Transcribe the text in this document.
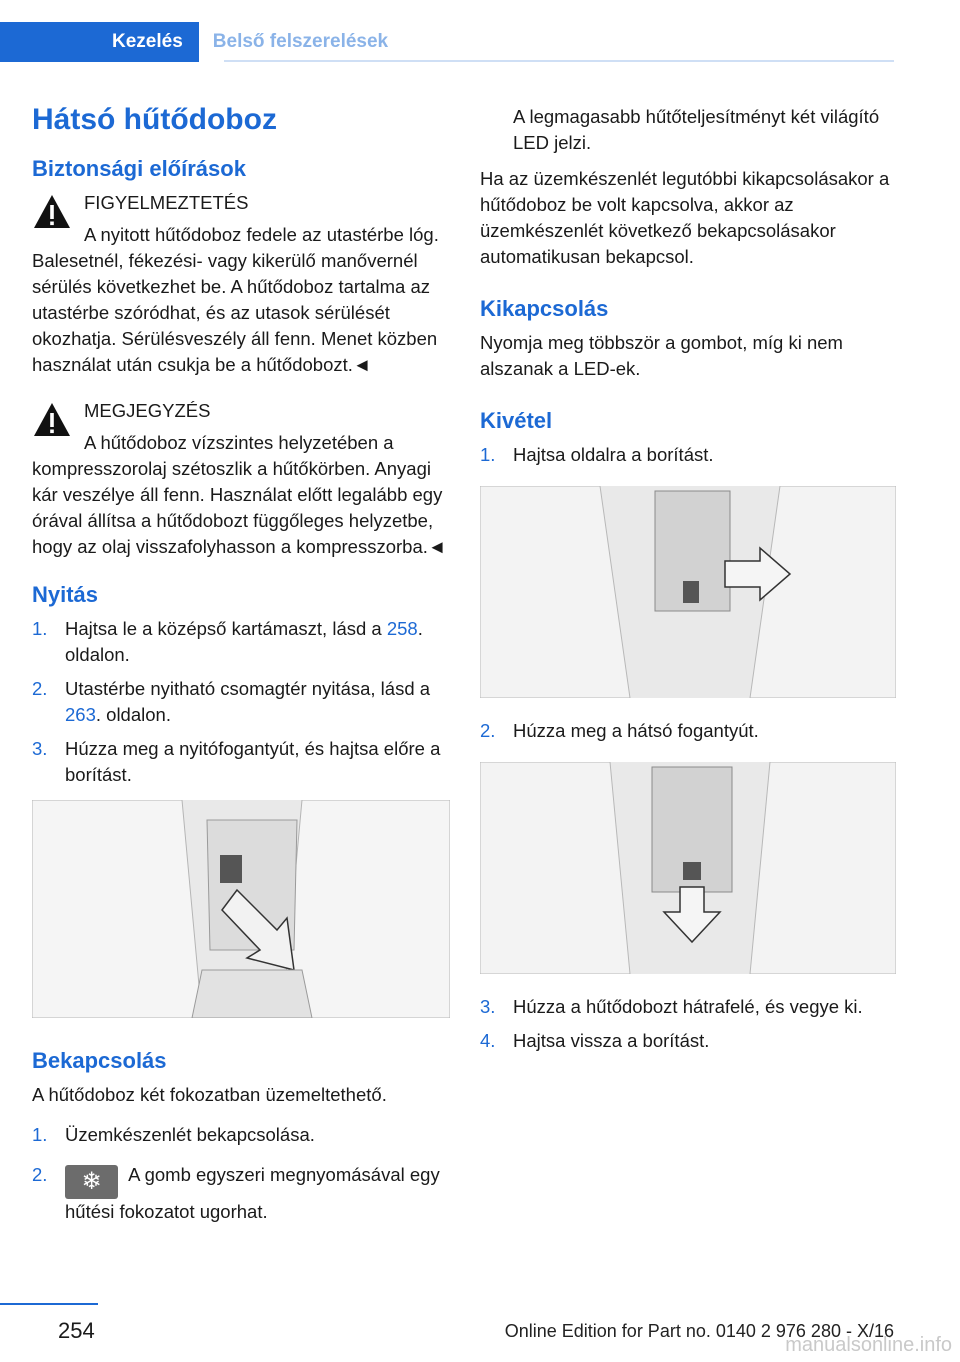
Kezelés	Belső felszerelések
Hátsó hűtődoboz
Biztonsági előírások
FIGYELMEZTETÉS
A nyitott hűtődoboz fedele az utastérbe lóg. Balesetnél, fékezési- vagy kikerülő manővernél sérülés következhet be. A hűtődoboz tartalma az utastérbe szóródhat, és az utasok sérülését okozhatja. Sérülésveszély áll fenn. Menet közben használat után csukja be a hűtődobozt.◄
MEGJEGYZÉS
A hűtődoboz vízszintes helyzetében a kompresszorolaj szétoszlik a hűtőkörben. Anyagi kár veszélye áll fenn. Használat előtt legalább egy órával állítsa a hűtődobozt függőleges helyzetbe, hogy az olaj visszafolyhasson a kompresszorba.◄
Nyitás
1. Hajtsa le a középső kartámaszt, lásd a 258. oldalon.
2. Utastérbe nyitható csomagtér nyitása, lásd a 263. oldalon.
3. Húzza meg a nyitófogantyút, és hajtsa előre a borítást.
Bekapcsolás

A hűtődoboz két fokozatban üzemeltethető.

1. Üzemkészenlét bekapcsolása.
2. ❄ A gomb egyszeri megnyomásával egy hűtési fokozatot ugorhat.

A legmagasabb hűtőteljesítményt két világító LED jelzi.

Ha az üzemkészenlét legutóbbi kikapcsolásakor a hűtődoboz be volt kapcsolva, akkor az üzemkészenlét következő bekapcsolásakor automatikusan bekapcsol.

Kikapcsolás

Nyomja meg többször a gombot, míg ki nem alszanak a LED-ek.

Kivétel
1. Hajtsa oldalra a borítást.
2. Húzza meg a hátsó fogantyút.
3. Húzza a hűtődobozt hátrafelé, és vegye ki.
4. Hajtsa vissza a borítást.
254
manualsonline.info
Online Edition for Part no. 0140 2 976 280 - X/16
